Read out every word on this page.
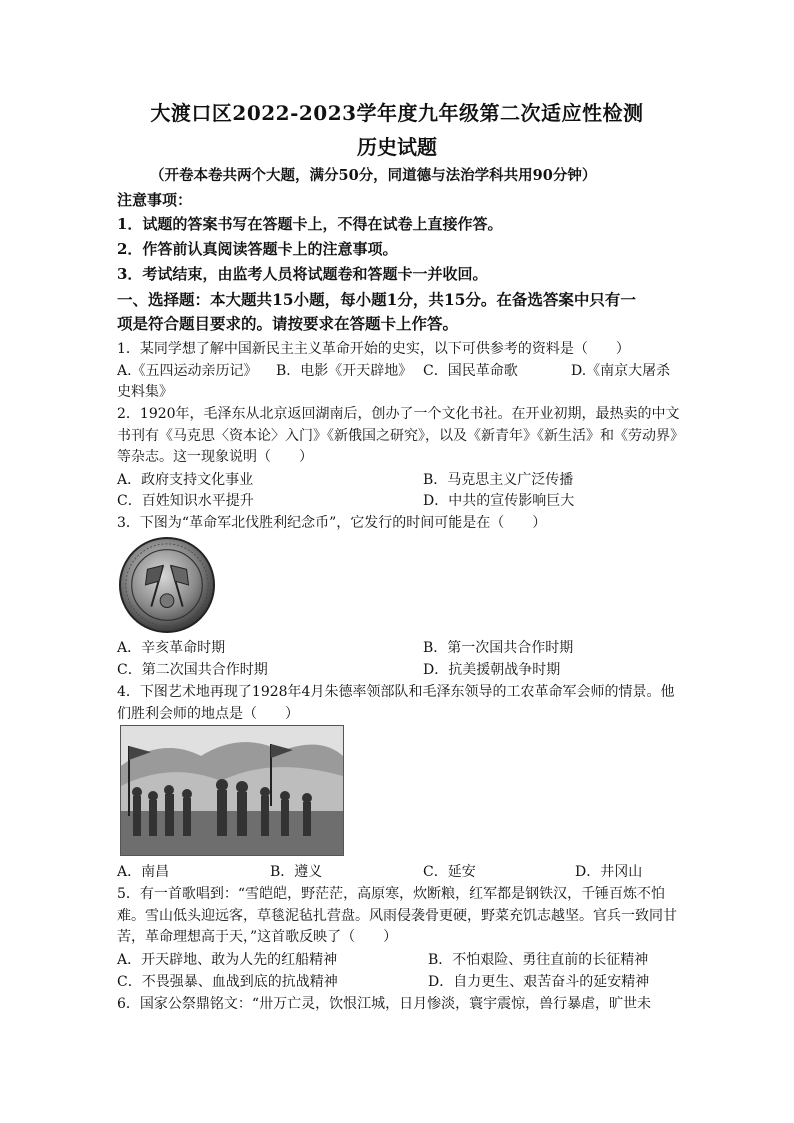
大渡口区2022-2023学年度九年级第二次适应性检测
历史试题
（开卷本卷共两个大题，满分50分，同道德与法治学科共用90分钟）
注意事项：
1．试题的答案书写在答题卡上，不得在试卷上直接作答。
2．作答前认真阅读答题卡上的注意事项。
3．考试结束，由监考人员将试题卷和答题卡一并收回。
一、选择题：本大题共15小题，每小题1分，共15分。在备选答案中只有一
项是符合题目要求的。请按要求在答题卡上作答。
1．某同学想了解中国新民主主义革命开始的史实，以下可供参考的资料是（　　）
A.《五四运动亲历记》 B．电影《开天辟地》 C．国民革命歌	D.《南京大屠杀
史料集》
2．1920年，毛泽东从北京返回湖南后，创办了一个文化书社。在开业初期，最热卖的中文
书刊有《马克思〈资本论〉入门》《新俄国之研究》，以及《新青年》《新生活》和《劳动界》
等杂志。这一现象说明（　　）
A．政府支持文化事业	B．马克思主义广泛传播
C．百姓知识水平提升	D．中共的宣传影响巨大
3．下图为“革命军北伐胜利纪念币”，它发行的时间可能是在（　　）
A．辛亥革命时期	B．第一次国共合作时期
C．第二次国共合作时期	D．抗美援朝战争时期
4．下图艺术地再现了1928年4月朱德率领部队和毛泽东领导的工农革命军会师的情景。他
们胜利会师的地点是（　　）
A．南昌	B．遵义	C．延安	D．井冈山
5．有一首歌唱到：“雪皑皑，野茫茫，高原寒，炊断粮，红军都是钢铁汉，千锤百炼不怕
难。雪山低头迎远客，草毯泥毡扎营盘。风雨侵袭骨更硬，野菜充饥志越坚。官兵一致同甘
苦，革命理想高于天，”这首歌反映了（　　）
A．开天辟地、敢为人先的红船精神	B．不怕艰险、勇往直前的长征精神
C．不畏强暴、血战到底的抗战精神	D．自力更生、艰苦奋斗的延安精神
6．国家公祭鼎铭文：“卅万亡灵，饮恨江城，日月惨淡，寰宇震惊，兽行暴虐，旷世未
